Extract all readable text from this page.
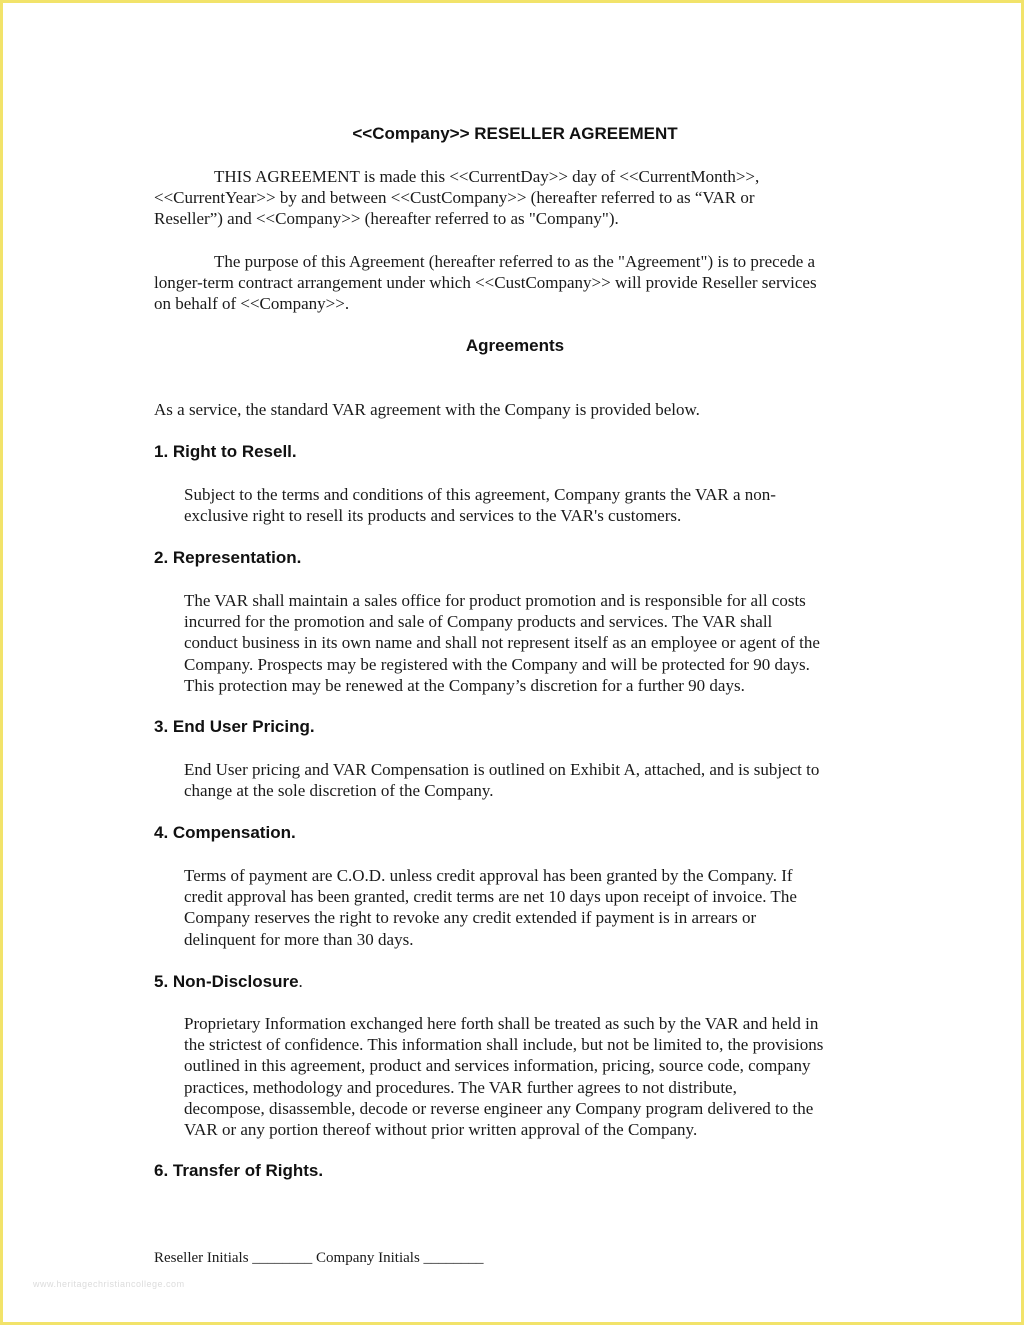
<<Company>> RESELLER AGREEMENT
THIS AGREEMENT is made this <<CurrentDay>> day of <<CurrentMonth>>,
<<CurrentYear>> by and between <<CustCompany>> (hereafter referred to as “VAR or
Reseller”) and <<Company>> (hereafter referred to as "Company").
The purpose of this Agreement (hereafter referred to as the "Agreement") is to precede a
longer-term contract arrangement under which <<CustCompany>> will provide Reseller services
on behalf of <<Company>>.
Agreements
As a service, the standard VAR agreement with the Company is provided below.
1. Right to Resell.
Subject to the terms and conditions of this agreement, Company grants the VAR a non-
exclusive right to resell its products and services to the VAR's customers.
2. Representation.
The VAR shall maintain a sales office for product promotion and is responsible for all costs
incurred for the promotion and sale of Company products and services. The VAR shall
conduct business in its own name and shall not represent itself as an employee or agent of the
Company. Prospects may be registered with the Company and will be protected for 90 days.
This protection may be renewed at the Company’s discretion for a further 90 days.
3. End User Pricing.
End User pricing and VAR Compensation is outlined on Exhibit A, attached, and is subject to
change at the sole discretion of the Company.
4. Compensation.
Terms of payment are C.O.D. unless credit approval has been granted by the Company. If
credit approval has been granted, credit terms are net 10 days upon receipt of invoice. The
Company reserves the right to revoke any credit extended if payment is in arrears or
delinquent for more than 30 days.
5. Non-Disclosure.
Proprietary Information exchanged here forth shall be treated as such by the VAR and held in
the strictest of confidence. This information shall include, but not be limited to, the provisions
outlined in this agreement, product and services information, pricing, source code, company
practices, methodology and procedures. The VAR further agrees to not distribute,
decompose, disassemble, decode or reverse engineer any Company program delivered to the
VAR or any portion thereof without prior written approval of the Company.
6. Transfer of Rights.
Reseller Initials ________ Company Initials ________
www.heritagechristiancollege.com
